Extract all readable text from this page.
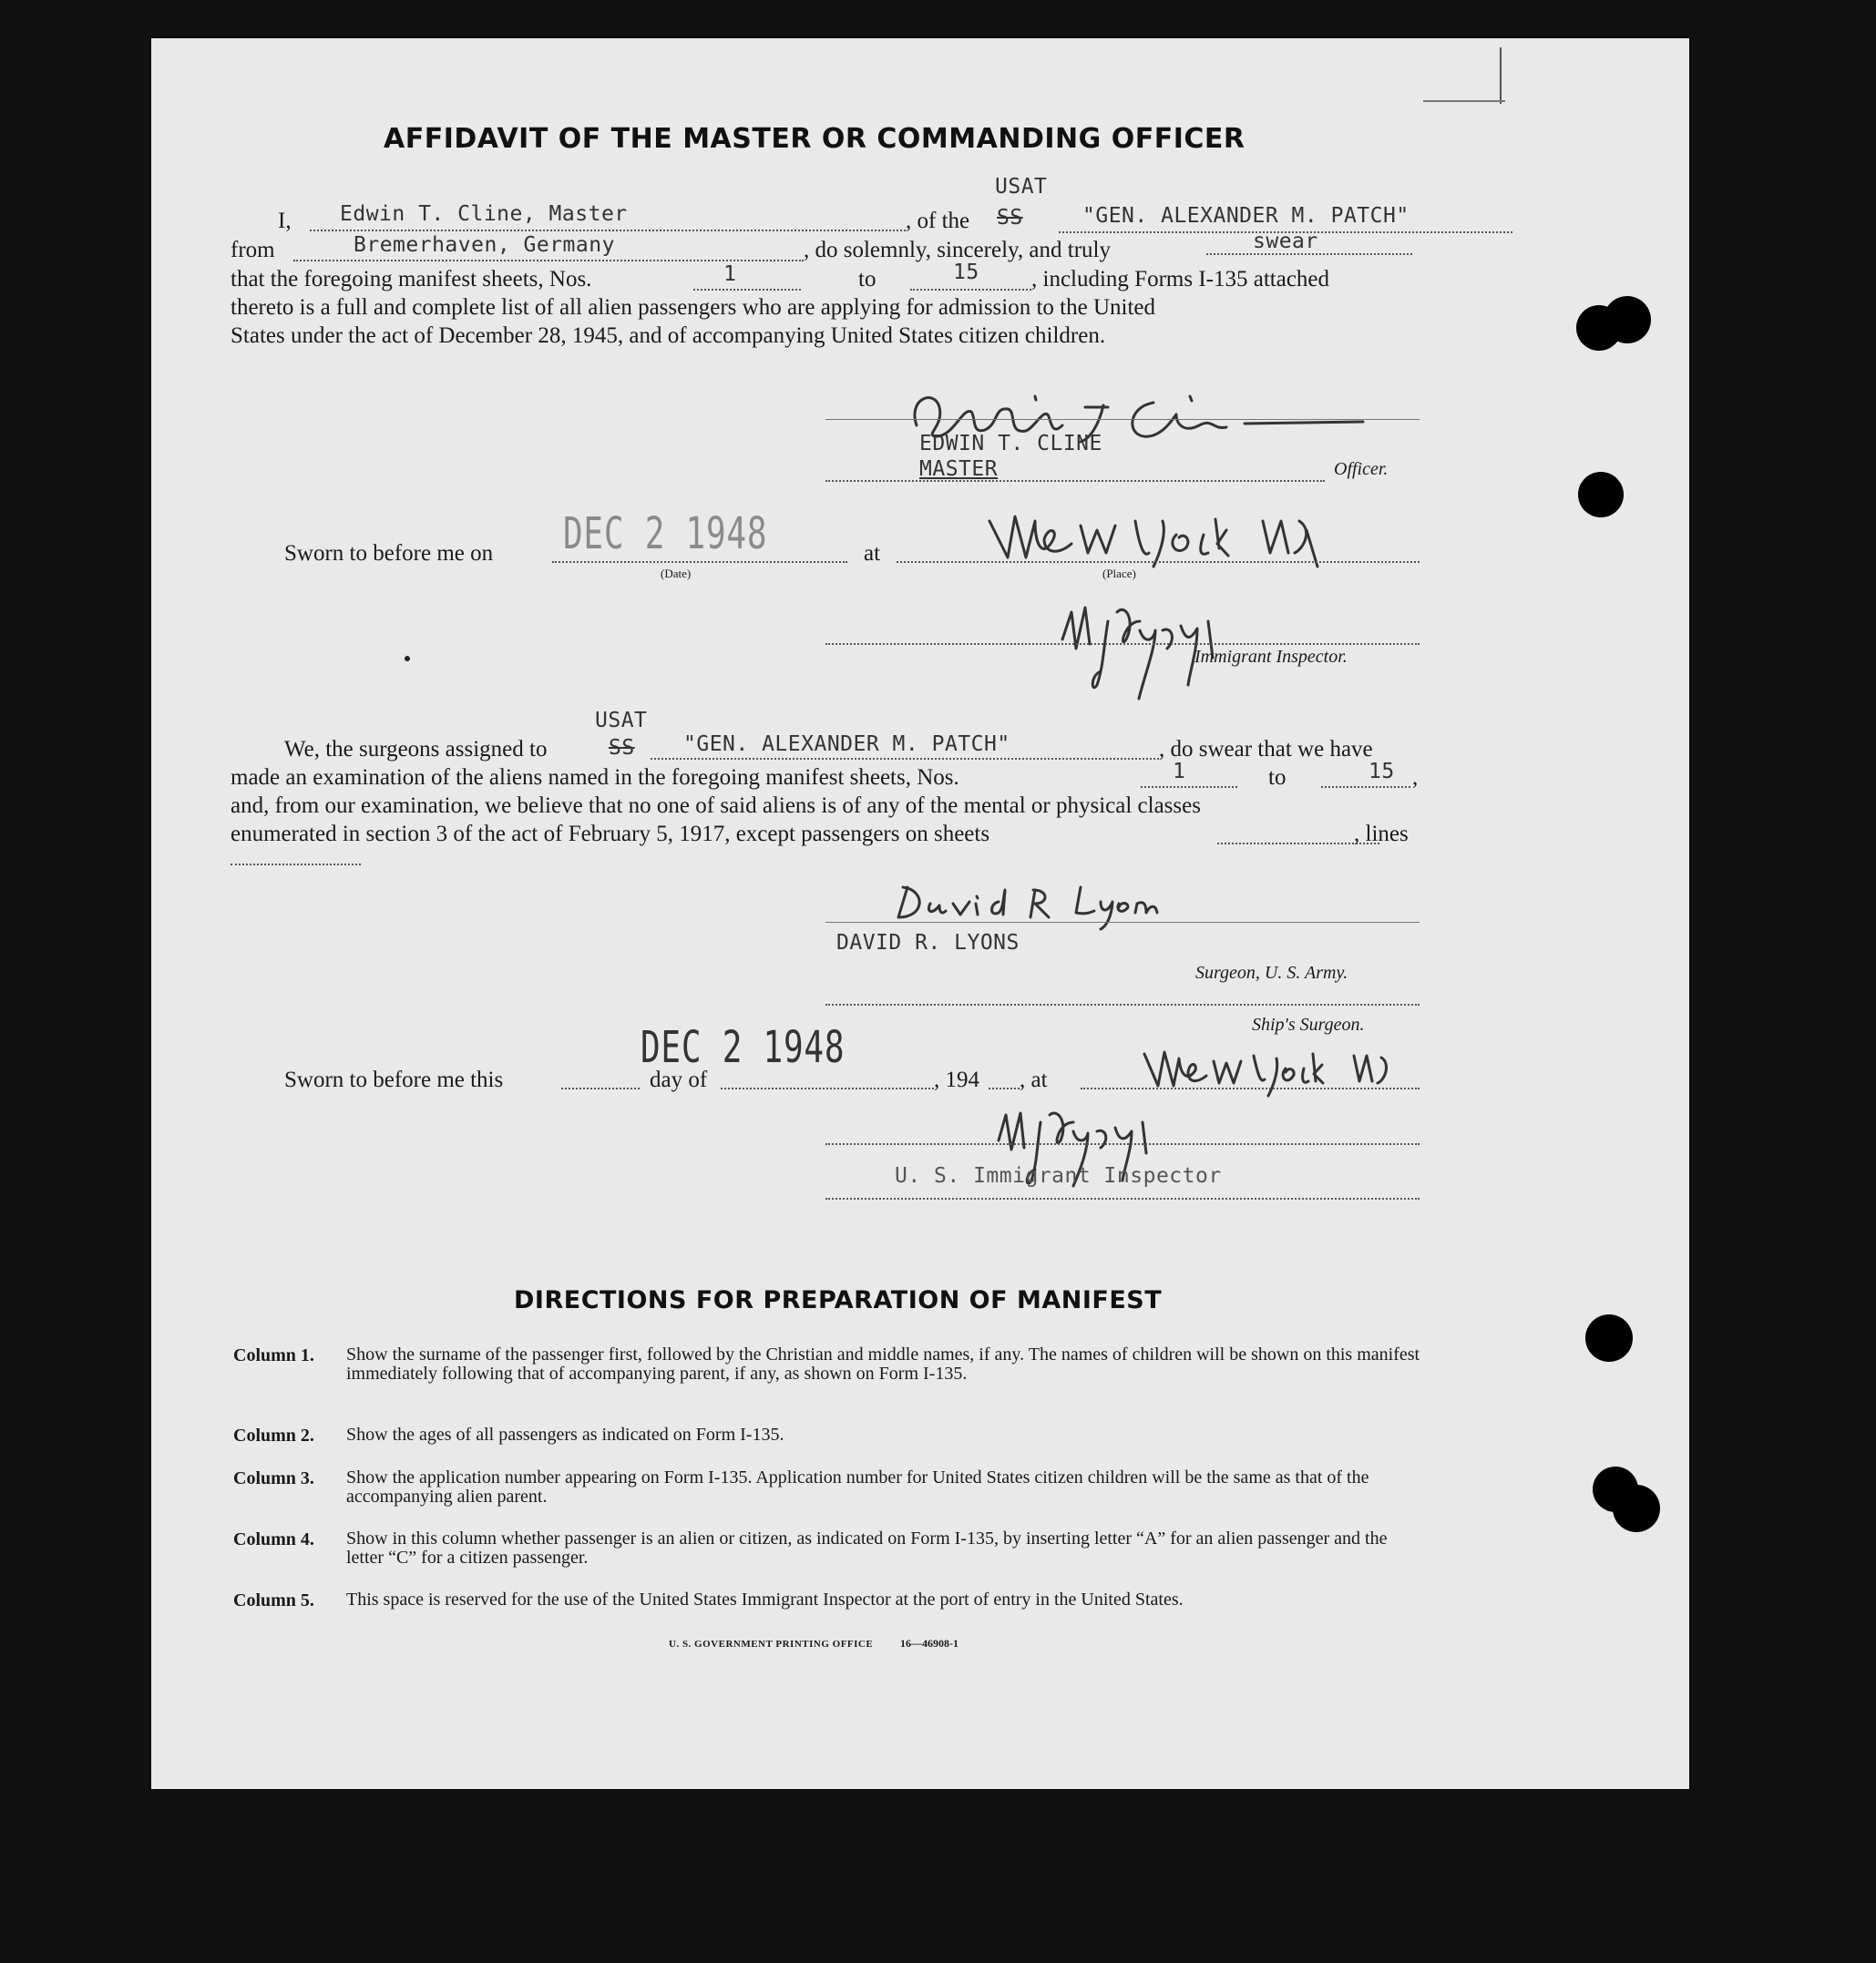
AFFIDAVIT OF THE MASTER OR COMMANDING OFFICER
USAT
I, Edwin T. Cline, Master	, of the SS	"GEN. ALEXANDER M. PATCH"
from	Bremerhaven, Germany	, do solemnly, sincerely, and truly	swear
that the foregoing manifest sheets, Nos.	1	to	15 , including Forms I-135 attached
thereto is a full and complete list of all alien passengers who are applying for admission to the United
States under the act of December 28, 1945, and of accompanying United States citizen children.
EDWIN T. CLINE
MASTER	Officer.
Sworn to before me on DEC 2 1948
(Date)
at
(Place)
Immigrant Inspector.
USAT
We, the surgeons assigned to	SS "GEN. ALEXANDER M. PATCH"	, do swear that we have
made an examination of the aliens named in the foregoing manifest sheets, Nos.	1	to	15 ,
and, from our examination, we believe that no one of said aliens is of any of the mental or physical classes
enumerated in section 3 of the act of February 5, 1917, except passengers on sheets	, lines
DAVID R. LYONS
Surgeon, U. S. Army.
Ship's Surgeon.
Sworn to before me this
DEC 2 1948
day of	, 194 , at
U. S. Immigrant Inspector
DIRECTIONS FOR PREPARATION OF MANIFEST
Column 1. Show the surname of the passenger first, followed by the Christian and middle names, if any. The names of children will be shown on this manifest immediately following that of accompanying parent, if any, as shown on Form I-135.
Column 2. Show the ages of all passengers as indicated on Form I-135.
Column 3. Show the application number appearing on Form I-135. Application number for United States citizen children will be the same as that of the accompanying alien parent.
Column 4. Show in this column whether passenger is an alien or citizen, as indicated on Form I-135, by inserting letter “A” for an alien passenger and the letter “C” for a citizen passenger.
Column 5. This space is reserved for the use of the United States Immigrant Inspector at the port of entry in the United States.
U. S. GOVERNMENT PRINTING OFFICE 16—46908-1
